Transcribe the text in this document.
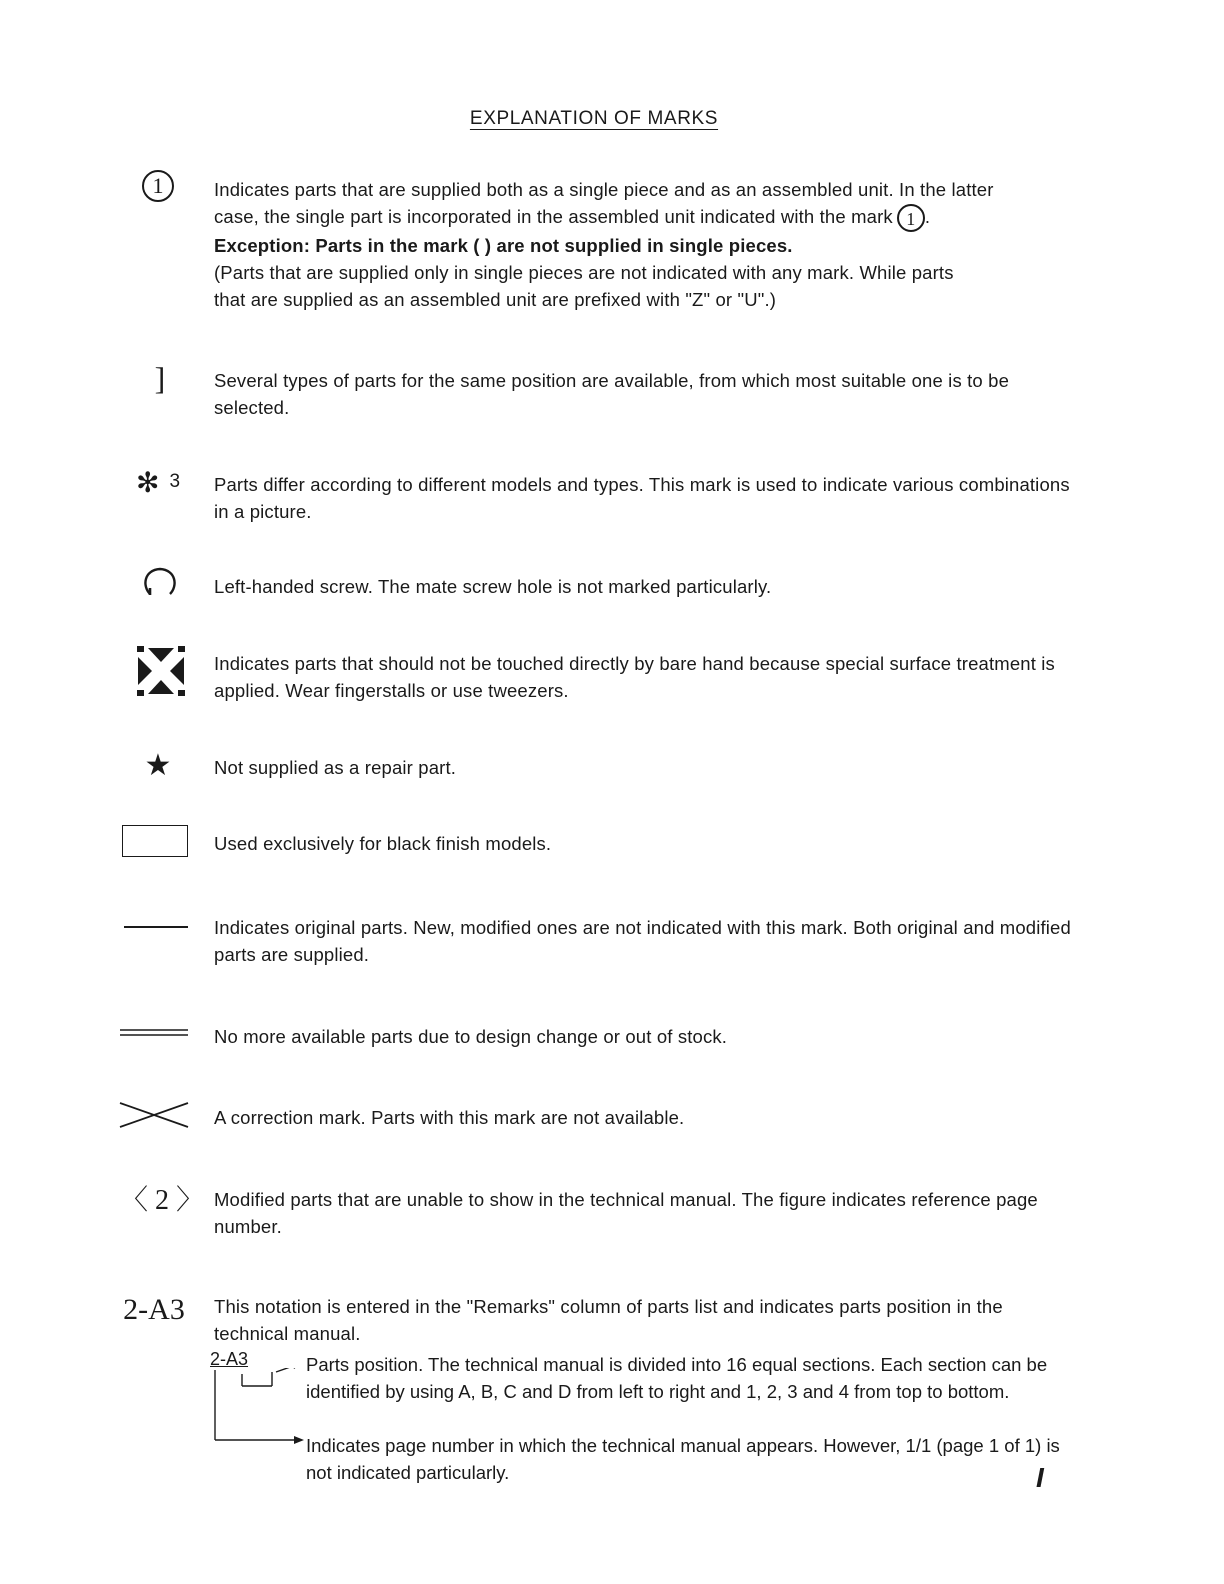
EXPLANATION OF MARKS
1	Indicates parts that are supplied both as a single piece and as an assembled unit. In the latter

case, the single part is incorporated in the assembled unit indicated with the mark 1 .

Exception: Parts in the mark ( ) are not supplied in single pieces.

(Parts that are supplied only in single pieces are not indicated with any mark. While parts

that are supplied as an assembled unit are prefixed with "Z" or "U".)

]	Several types of parts for the same position are available, from which most suitable one is to be selected.
✻ 3 Parts differ according to different models and types. This mark is used to indicate various combinations in a picture.
Left-handed screw. The mate screw hole is not marked particularly.
Indicates parts that should not be touched directly by bare hand because special surface treatment is applied. Wear fingerstalls or use tweezers.
★ Not supplied as a repair part.
Used exclusively for black finish models.
Indicates original parts. New, modified ones are not indicated with this mark. Both original and modified parts are supplied.
No more available parts due to design change or out of stock.
A correction mark. Parts with this mark are not available.
〈 2 〉 Modified parts that are unable to show in the technical manual. The figure indicates reference page number.
2-A3	This notation is entered in the "Remarks" column of parts list and indicates parts position in the technical manual.
2-A3	Parts position. The technical manual is divided into 16 equal sections. Each section can be identified by using A, B, C and D from left to right and 1, 2, 3 and 4 from top to bottom.
Indicates page number in which the technical manual appears. However, 1/1 (page 1 of 1) is not indicated particularly.	I
